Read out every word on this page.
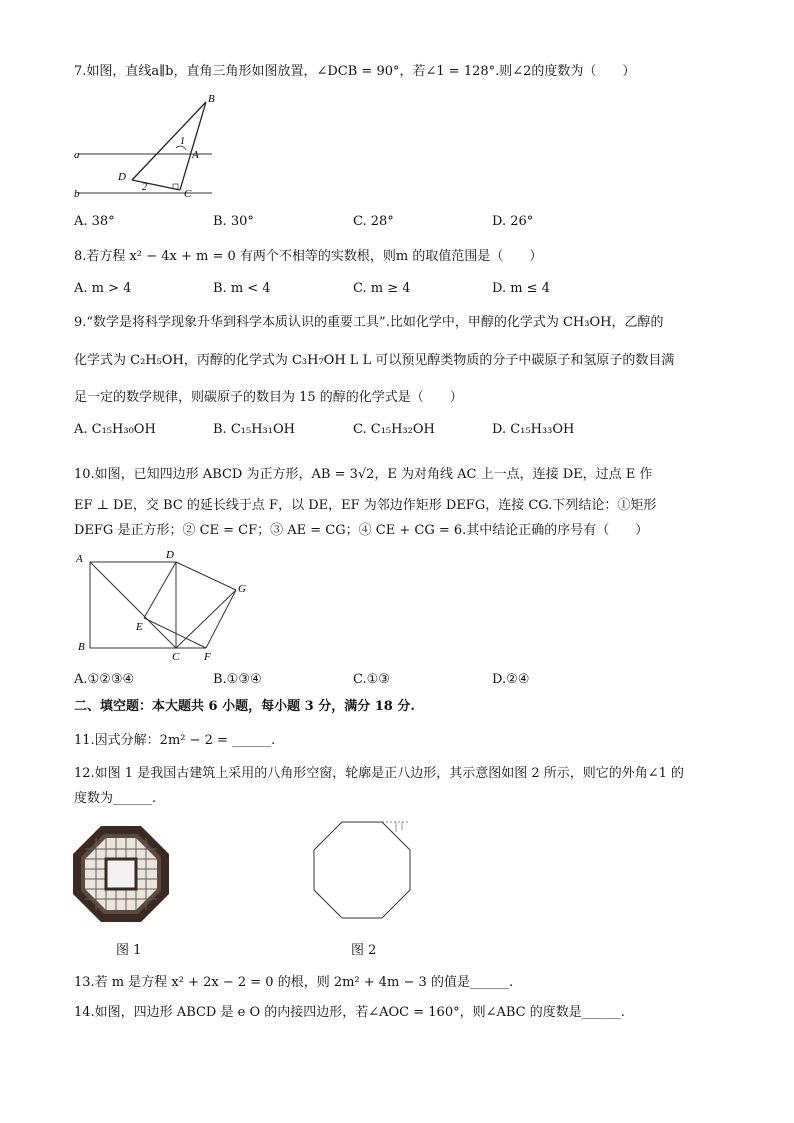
7.如图，直线a∥b，直角三角形如图放置，∠DCB = 90°，若∠1 = 128°.则∠2的度数为（　　）
B
a	A
1
D
2
b	C
A. 38°	B. 30°	C. 28°	D. 26°
8.若方程 x² − 4x + m = 0 有两个不相等的实数根，则m 的取值范围是（　　）
A. m > 4	B. m < 4	C. m ≥ 4	D. m ≤ 4
9.“数学是将科学现象升华到科学本质认识的重要工具”.比如化学中，甲醇的化学式为 CH₃OH，乙醇的
化学式为 C₂H₅OH，丙醇的化学式为 C₃H₇OH L L 可以预见醇类物质的分子中碳原子和氢原子的数目满
足一定的数学规律，则碳原子的数目为 15 的醇的化学式是（　　）
A. C₁₅H₃₀OH	B. C₁₅H₃₁OH	C. C₁₅H₃₂OH	D. C₁₅H₃₃OH
10.如图，已知四边形 ABCD 为正方形，AB = 3√2，E 为对角线 AC 上一点，连接 DE，过点 E 作
EF ⊥ DE，交 BC 的延长线于点 F，以 DE，EF 为邻边作矩形 DEFG，连接 CG.下列结论：①矩形
DEFG 是正方形；② CE = CF；③ AE = CG；④ CE + CG = 6.其中结论正确的序号有（　　）
A	D
G
E
B
C F
A.①②③④	B.①③④	C.①③	D.②④
二、填空题：本大题共 6 小题，每小题 3 分，满分 18 分.
11.因式分解：2m² − 2 = ______.
12.如图 1 是我国古建筑上采用的八角形空窗，轮廓是正八边形，其示意图如图 2 所示，则它的外角∠1 的
度数为______.
图 1	图 2
13.若 m 是方程 x² + 2x − 2 = 0 的根，则 2m² + 4m − 3 的值是______.
14.如图，四边形 ABCD 是 e O 的内接四边形，若∠AOC = 160°，则∠ABC 的度数是______.
